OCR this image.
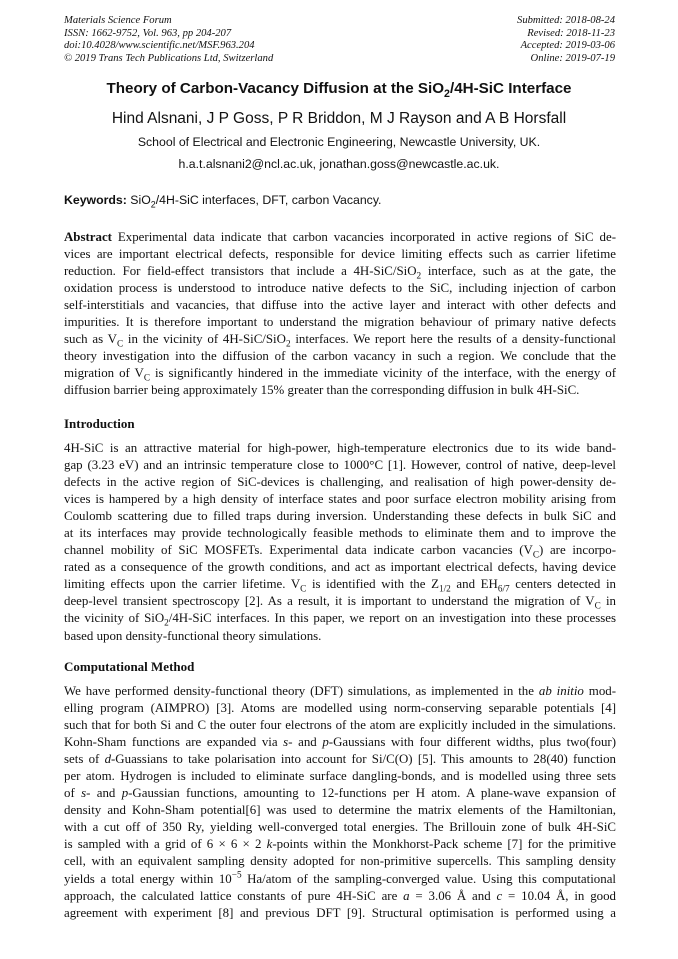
Materials Science Forum
ISSN: 1662-9752, Vol. 963, pp 204-207
doi:10.4028/www.scientific.net/MSF.963.204
© 2019 Trans Tech Publications Ltd, Switzerland
Submitted: 2018-08-24
Revised: 2018-11-23
Accepted: 2019-03-06
Online: 2019-07-19
Theory of Carbon-Vacancy Diffusion at the SiO$_2$/4H-SiC Interface
Hind Alsnani, J P Goss, P R Briddon, M J Rayson and A B Horsfall
School of Electrical and Electronic Engineering, Newcastle University, UK.
h.a.t.alsnani2@ncl.ac.uk, jonathan.goss@newcastle.ac.uk.
Keywords: SiO$_2$/4H-SiC interfaces, DFT, carbon Vacancy.
Abstract Experimental data indicate that carbon vacancies incorporated in active regions of SiC de-
vices are important electrical defects, responsible for device limiting effects such as carrier lifetime
reduction. For field-effect transistors that include a 4H-SiC/SiO$_2$ interface, such as at the gate, the
oxidation process is understood to introduce native defects to the SiC, including injection of carbon
self-interstitials and vacancies, that diffuse into the active layer and interact with other defects and
impurities. It is therefore important to understand the migration behaviour of primary native defects
such as $V_C$ in the vicinity of 4H-SiC/SiO$_2$ interfaces. We report here the results of a density-functional
theory investigation into the diffusion of the carbon vacancy in such a region. We conclude that the
migration of $V_C$ is significantly hindered in the immediate vicinity of the interface, with the energy of
diffusion barrier being approximately 15% greater than the corresponding diffusion in bulk 4H-SiC.
Introduction
4H-SiC is an attractive material for high-power, high-temperature electronics due to its wide band-
gap (3.23 eV) and an intrinsic temperature close to 1000°C [1]. However, control of native, deep-level
defects in the active region of SiC-devices is challenging, and realisation of high power-density de-
vices is hampered by a high density of interface states and poor surface electron mobility arising from
Coulomb scattering due to filled traps during inversion. Understanding these defects in bulk SiC and
at its interfaces may provide technologically feasible methods to eliminate them and to improve the
channel mobility of SiC MOSFETs. Experimental data indicate carbon vacancies $(V_C)$ are incorpo-
rated as a consequence of the growth conditions, and act as important electrical defects, having device
limiting effects upon the carrier lifetime. $V_C$ is identified with the $Z_{1/2}$ and $EH_{6/7}$ centers detected in
deep-level transient spectroscopy [2]. As a result, it is important to understand the migration of $V_C$ in
the vicinity of SiO$_2$/4H-SiC interfaces. In this paper, we report on an investigation into these processes
based upon density-functional theory simulations.
Computational Method
We have performed density-functional theory (DFT) simulations, as implemented in the ab initio mod-
elling program (AIMPRO) [3]. Atoms are modelled using norm-conserving separable potentials [4]
such that for both Si and C the outer four electrons of the atom are explicitly included in the simulations.
Kohn-Sham functions are expanded via s- and p-Gaussians with four different widths, plus two(four)
sets of d-Guassians to take polarisation into account for Si/C(O) [5]. This amounts to 28(40) function
per atom. Hydrogen is included to eliminate surface dangling-bonds, and is modelled using three sets
of s- and p-Gaussian functions, amounting to 12-functions per H atom. A plane-wave expansion of
density and Kohn-Sham potential[6] was used to determine the matrix elements of the Hamiltonian,
with a cut off of 350 Ry, yielding well-converged total energies. The Brillouin zone of bulk 4H-SiC
is sampled with a grid of 6 × 6 × 2 k-points within the Monkhorst-Pack scheme [7] for the primitive
cell, with an equivalent sampling density adopted for non-primitive supercells. This sampling density
yields a total energy within $10^{-5}$ Ha/atom of the sampling-converged value. Using this computational
approach, the calculated lattice constants of pure 4H-SiC are a = 3.06 Å and c = 10.04 Å, in good
agreement with experiment [8] and previous DFT [9]. Structural optimisation is performed using a
